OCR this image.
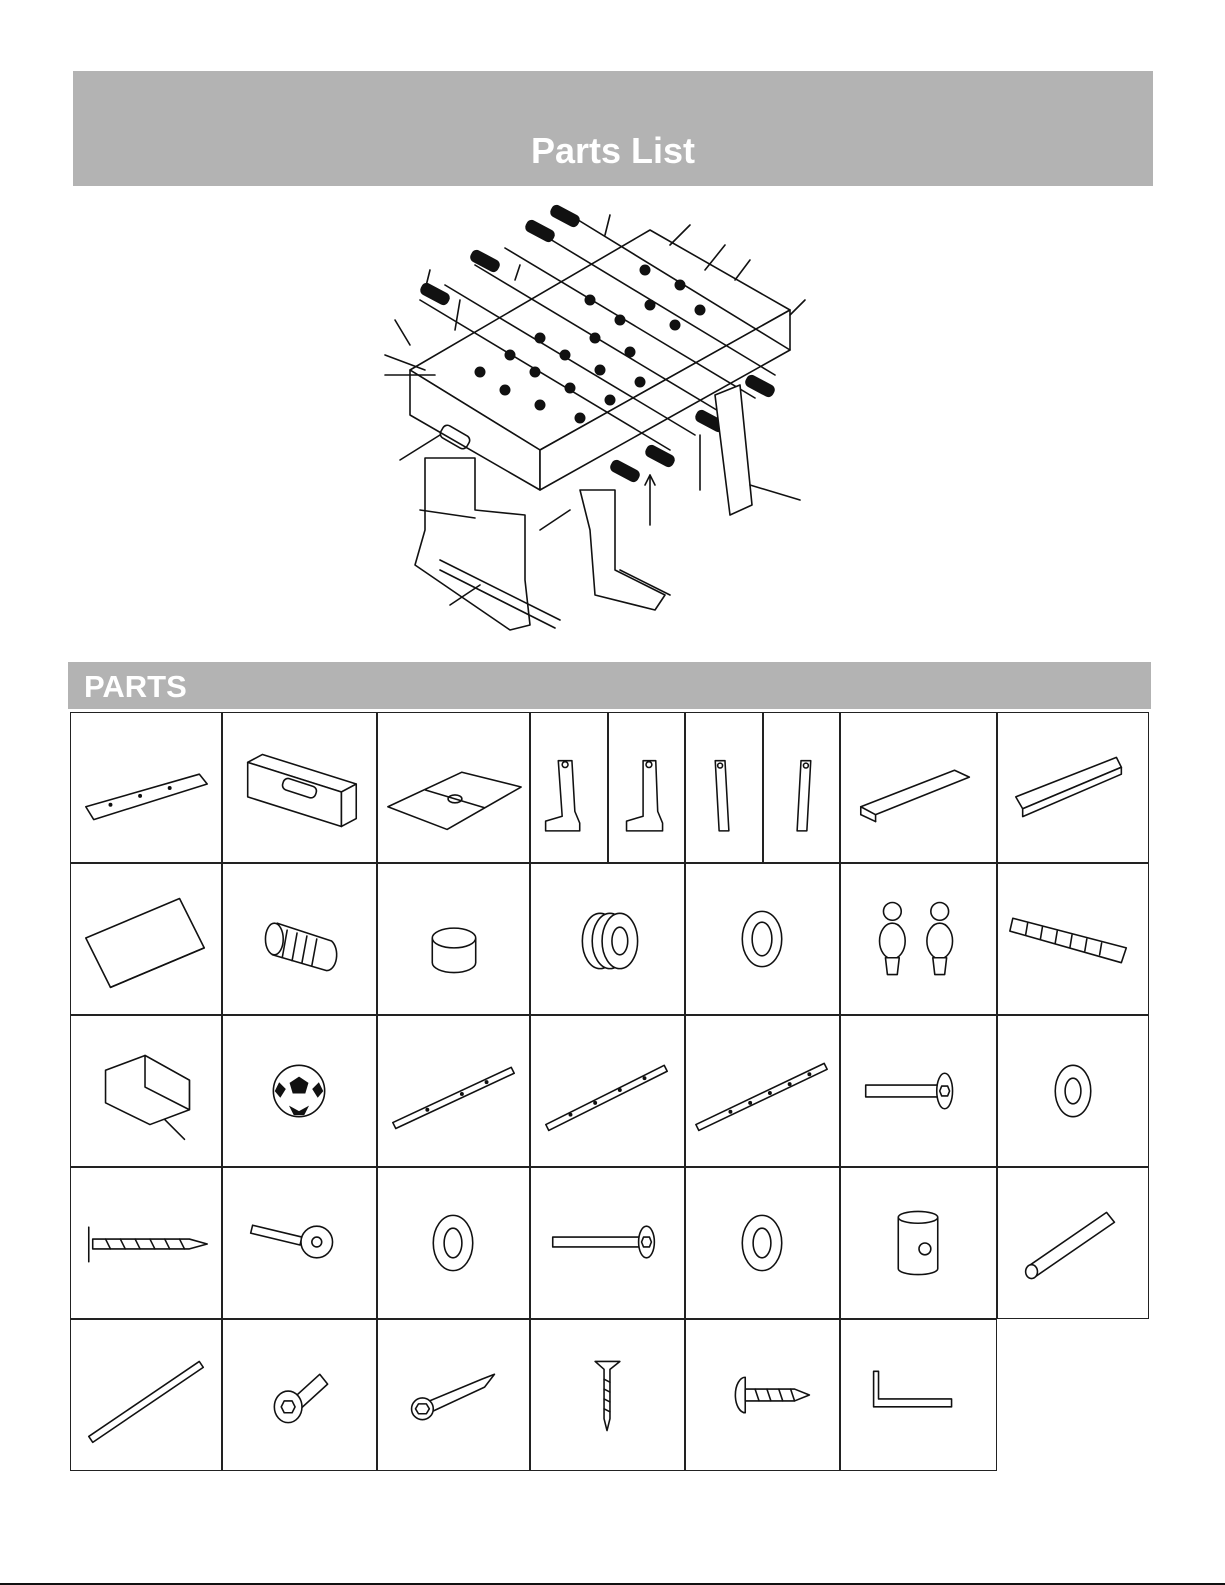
Parts List
PARTS
